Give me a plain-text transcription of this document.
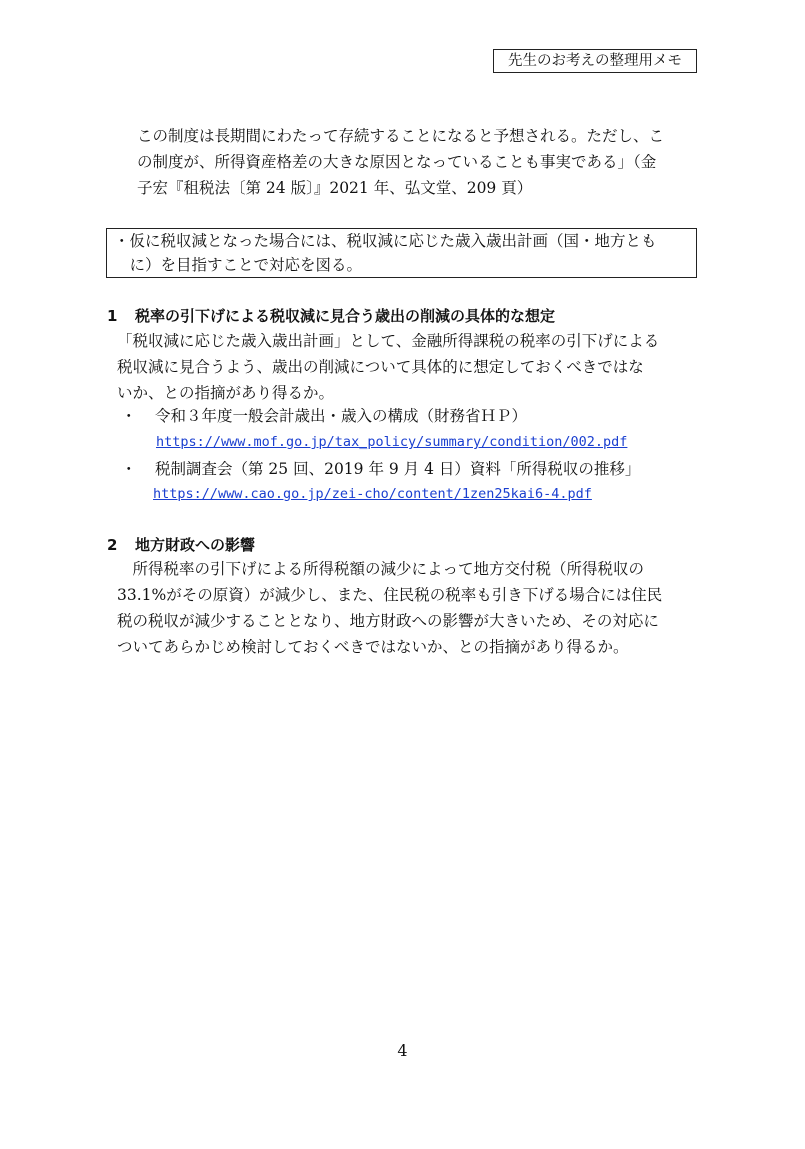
先生のお考えの整理用メモ
この制度は長期間にわたって存続することになると予想される。ただし、こ
の制度が、所得資産格差の大きな原因となっていることも事実である」（金
子宏『租税法〔第 24 版〕』2021 年、弘文堂、209 頁）
・仮に税収減となった場合には、税収減に応じた歳入歳出計画（国・地方とも
　に）を目指すことで対応を図る。
1 税率の引下げによる税収減に見合う歳出の削減の具体的な想定
「税収減に応じた歳入歳出計画」として、金融所得課税の税率の引下げによる
税収減に見合うよう、歳出の削減について具体的に想定しておくべきではな
いか、との指摘があり得るか。
・ 令和３年度一般会計歳出・歳入の構成（財務省ＨＰ）
https://www.mof.go.jp/tax_policy/summary/condition/002.pdf
・ 税制調査会（第 25 回、2019 年 9 月 4 日）資料「所得税収の推移」
https://www.cao.go.jp/zei-cho/content/1zen25kai6-4.pdf
2 地方財政への影響
　所得税率の引下げによる所得税額の減少によって地方交付税（所得税収の
33.1%がその原資）が減少し、また、住民税の税率も引き下げる場合には住民
税の税収が減少することとなり、地方財政への影響が大きいため、その対応に
ついてあらかじめ検討しておくべきではないか、との指摘があり得るか。
4
